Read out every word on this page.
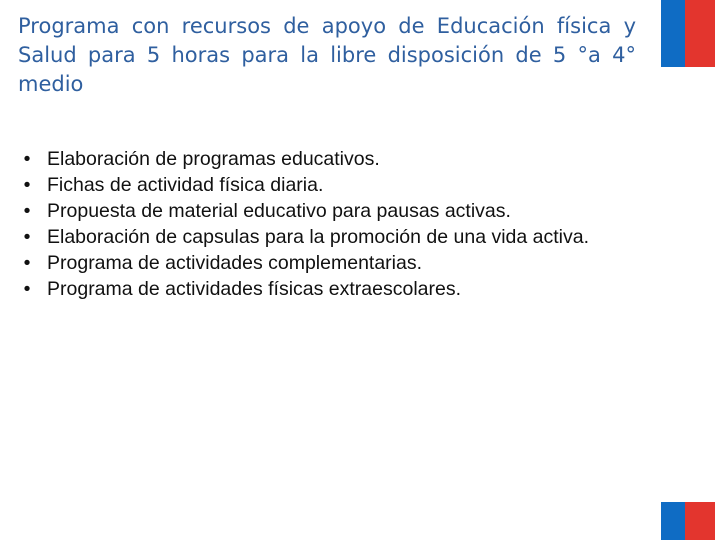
Programa con recursos de apoyo de Educación física y Salud para 5 horas para la libre disposición de 5 °a 4° medio
• Elaboración de programas educativos.
• Fichas de actividad física diaria.
• Propuesta de material educativo para pausas activas.
• Elaboración de capsulas para la promoción de una vida activa.
• Programa de actividades complementarias.
• Programa de actividades físicas extraescolares.
